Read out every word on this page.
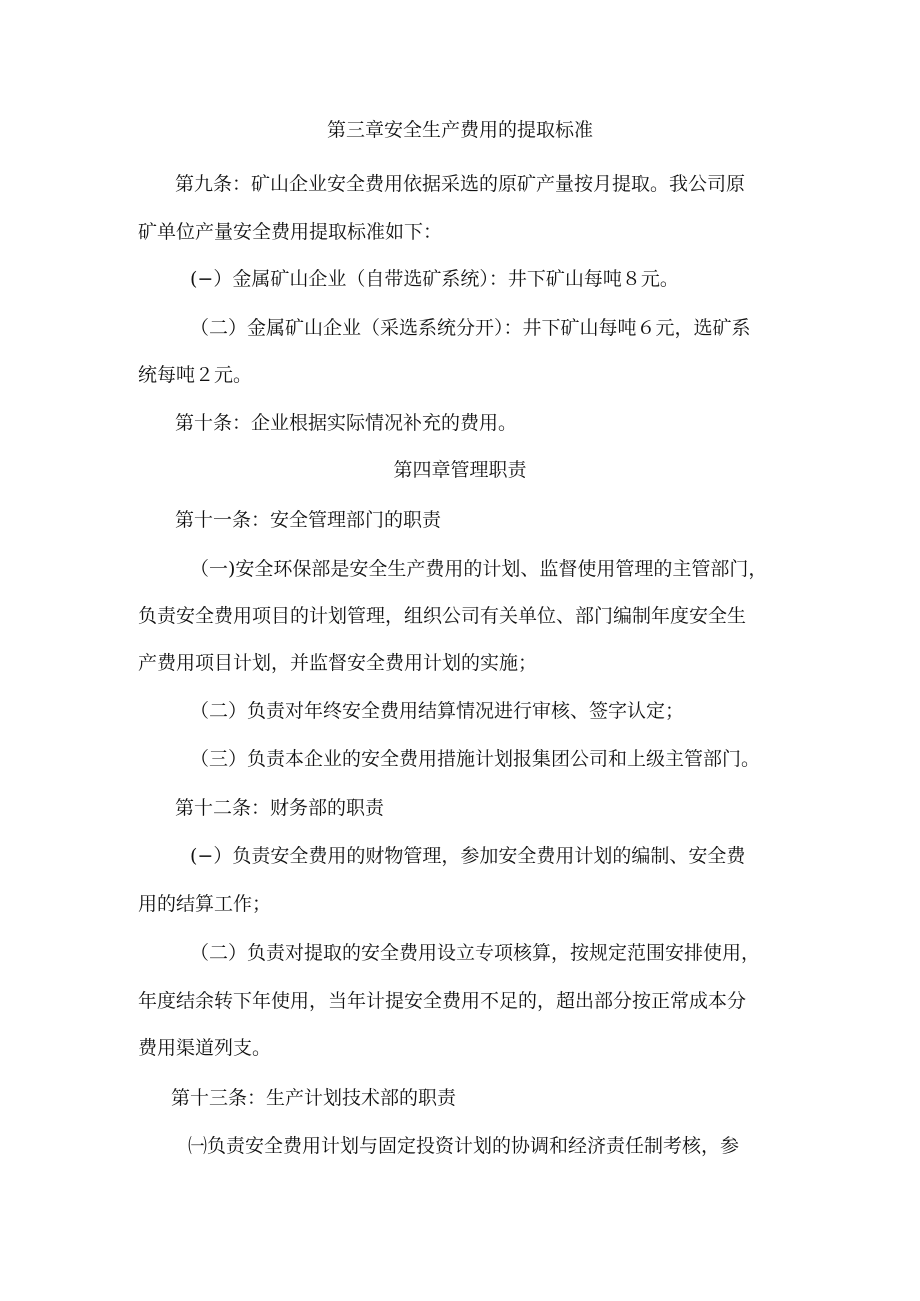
第三章安全生产费用的提取标准
第九条：矿山企业安全费用依据采选的原矿产量按月提取。我公司原
矿单位产量安全费用提取标准如下：
(−）金属矿山企业（自带选矿系统）：井下矿山每吨８元。
（二）金属矿山企业（采选系统分开）：井下矿山每吨６元，选矿系
统每吨２元。
第十条：企业根据实际情况补充的费用。
第四章管理职责
第十一条：安全管理部门的职责
（一)安全环保部是安全生产费用的计划、监督使用管理的主管部门，
负责安全费用项目的计划管理，组织公司有关单位、部门编制年度安全生
产费用项目计划，并监督安全费用计划的实施；
（二）负责对年终安全费用结算情况进行审核、签字认定；
（三）负责本企业的安全费用措施计划报集团公司和上级主管部门。
第十二条：财务部的职责
(−）负责安全费用的财物管理，参加安全费用计划的编制、安全费
用的结算工作；
（二）负责对提取的安全费用设立专项核算，按规定范围安排使用，
年度结余转下年使用，当年计提安全费用不足的，超出部分按正常成本分
费用渠道列支。
第十三条：生产计划技术部的职责
㈠负责安全费用计划与固定投资计划的协调和经济责任制考核，参
